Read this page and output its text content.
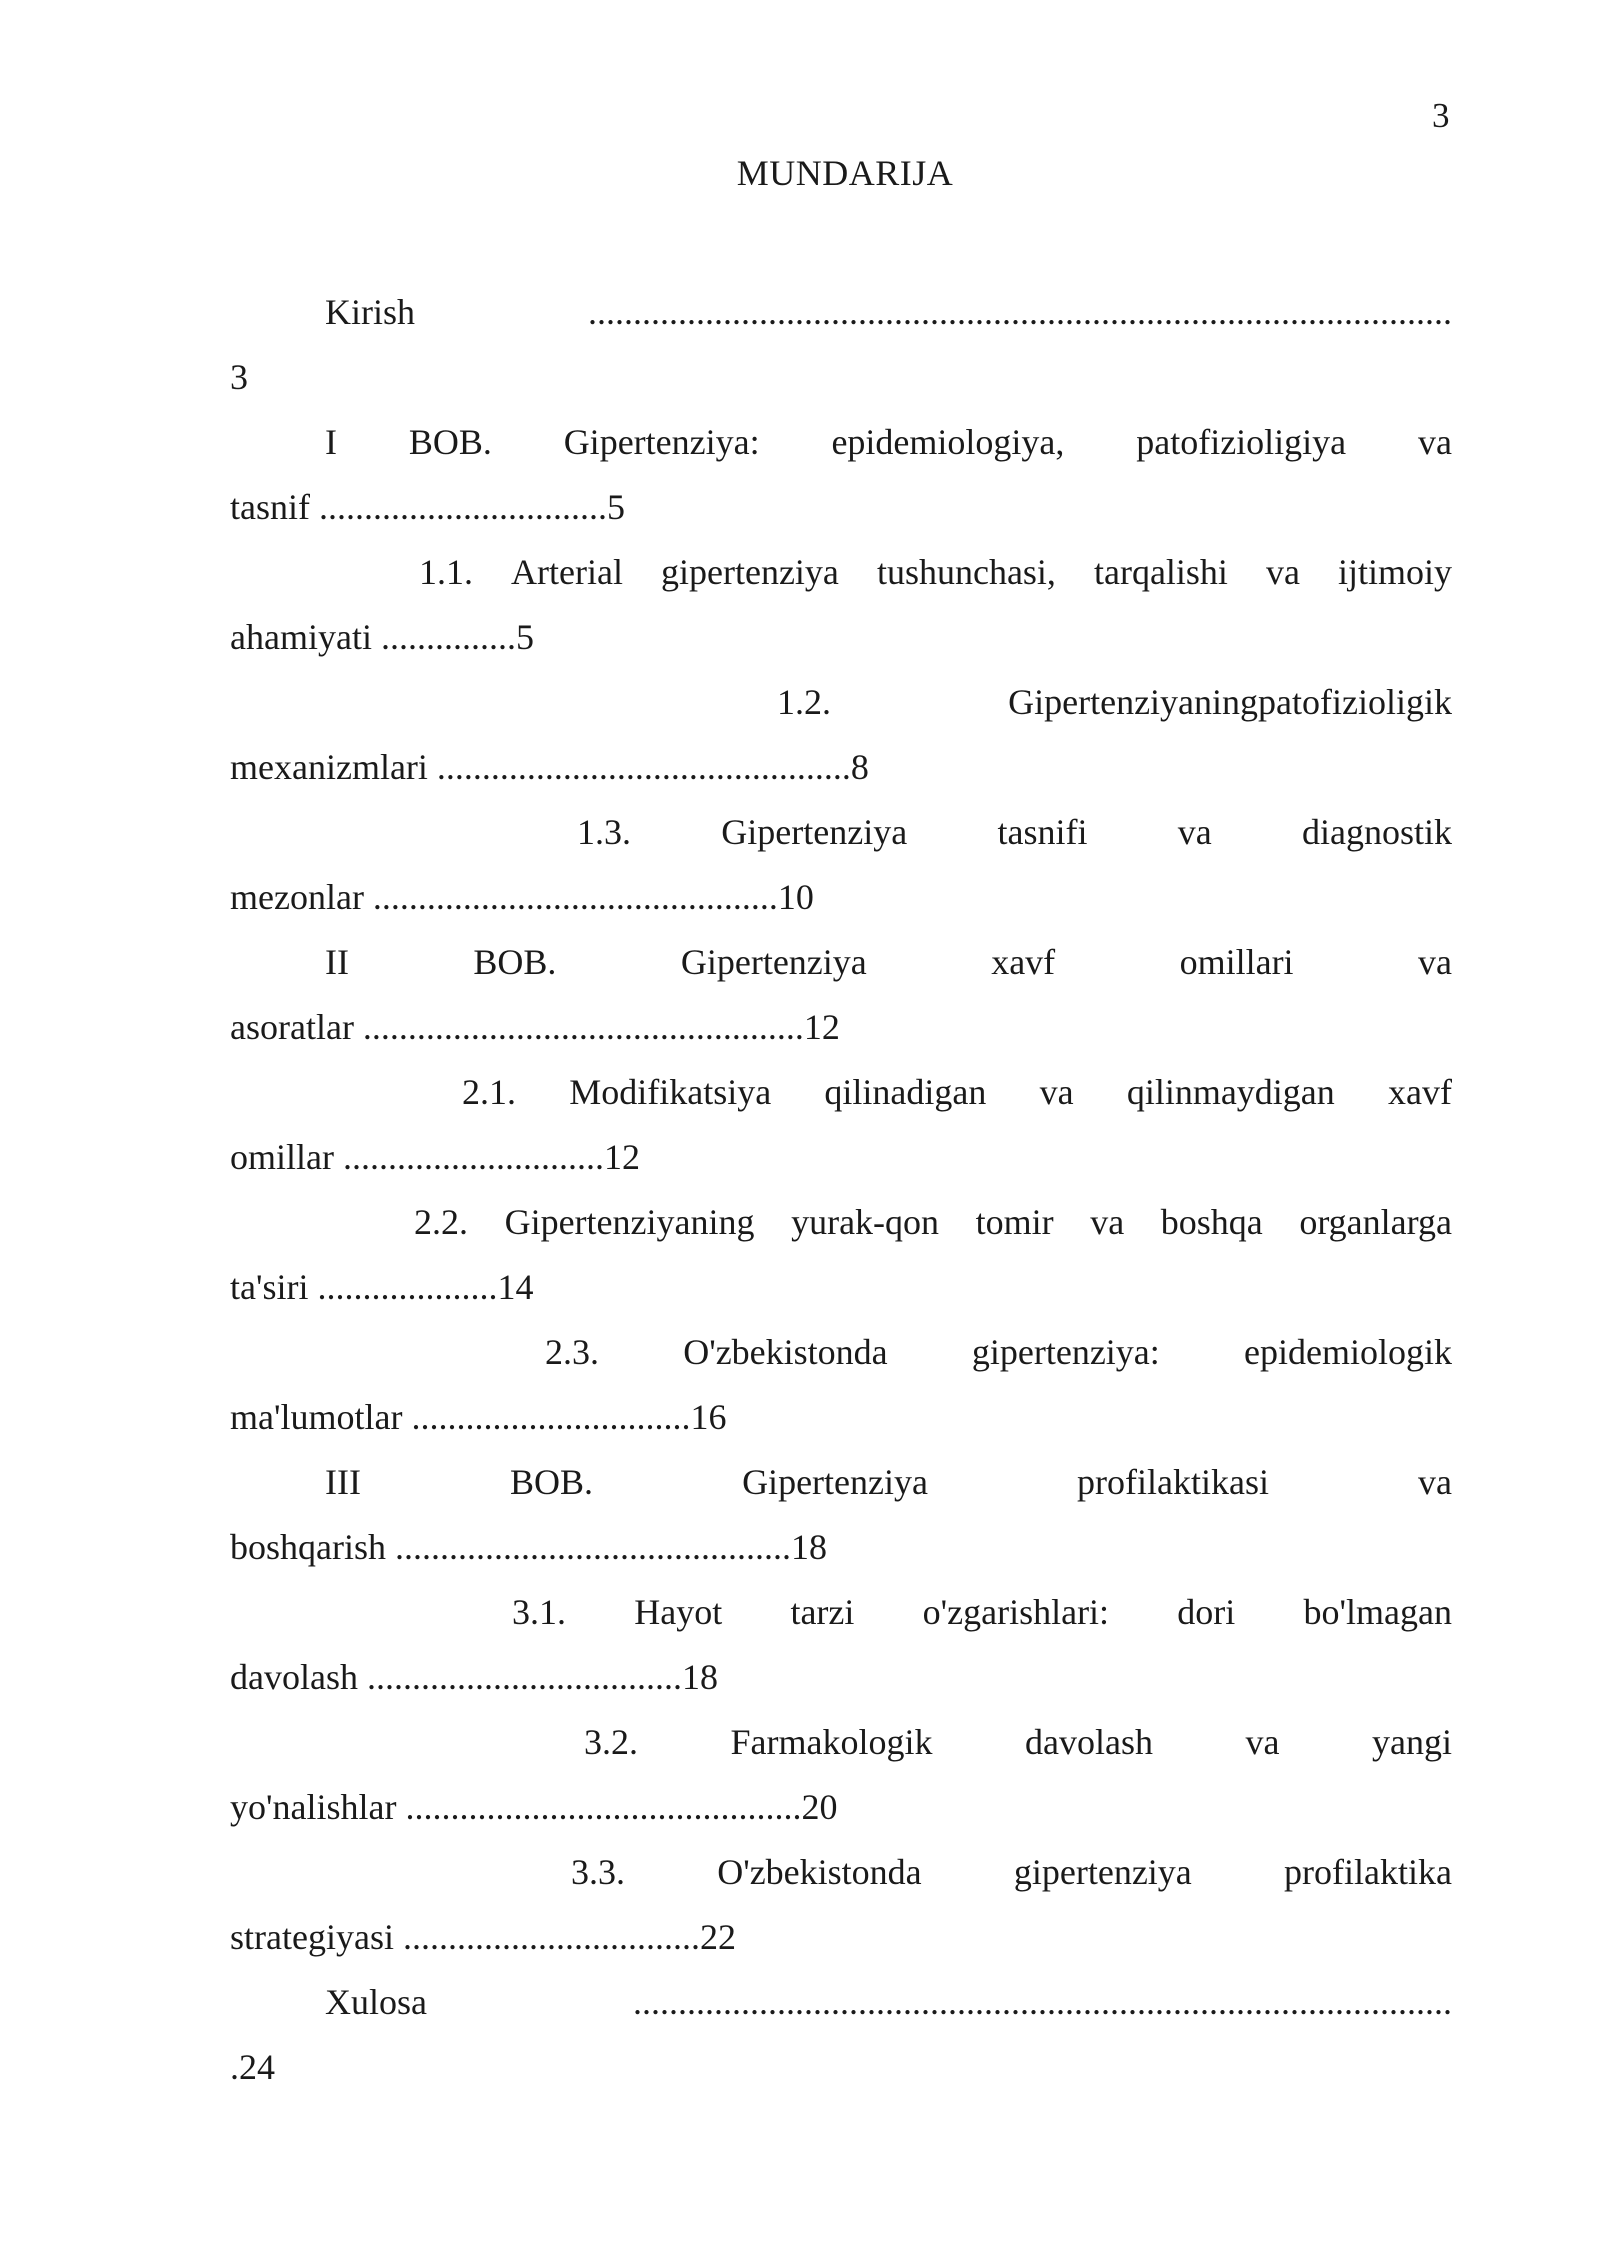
3
MUNDARIJA
Kirish	................................................................................................
3
I BOB. Gipertenziya: epidemiologiya, patofizioligiya va
tasnif ................................5
1.1. Arterial gipertenziya tushunchasi, tarqalishi va ijtimoiy
ahamiyati ...............5
1.2.	Gipertenziyaningpatofizioligik
mexanizmlari ..............................................8
1.3.	Gipertenziya	tasnifi	va	diagnostik
mezonlar .............................................10
II	BOB.	Gipertenziya	xavf	omillari	va
asoratlar .................................................12
2.1. Modifikatsiya qilinadigan va qilinmaydigan xavf
omillar .............................12
2.2. Gipertenziyaning yurak-qon tomir va boshqa organlarga
ta'siri ....................14
2.3. O'zbekistonda gipertenziya: epidemiologik
ma'lumotlar ...............................16
III	BOB.	Gipertenziya	profilaktikasi	va
boshqarish ............................................18
3.1. Hayot tarzi o'zgarishlari: dori bo'lmagan
davolash ...................................18
3.2.	Farmakologik	davolash	va	yangi
yo'nalishlar ............................................20
3.3.	O'zbekistonda	gipertenziya	profilaktika
strategiyasi .................................22
Xulosa	...........................................................................................
.24
